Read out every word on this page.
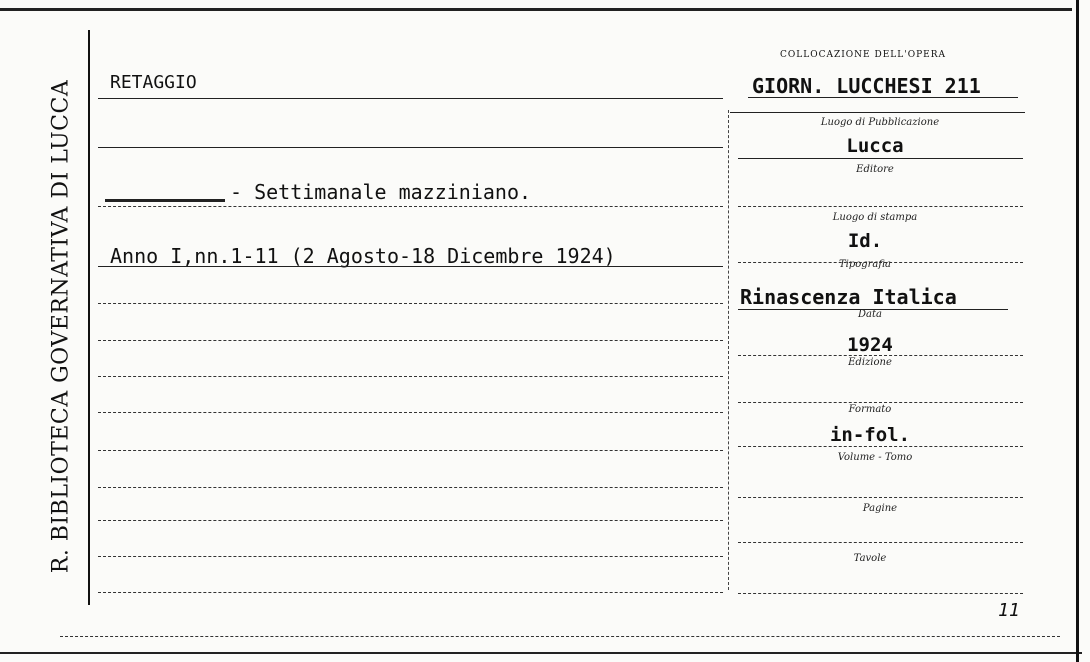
R. BIBLIOTECA GOVERNATIVA DI LUCCA
COLLOCAZIONE DELL'OPERA
GIORN. LUCCHESI 211
RETAGGIO
- Settimanale mazziniano.
Anno I,nn.1-11 (2 Agosto-18 Dicembre 1924)
Luogo di Pubblicazione
Lucca
Editore
Luogo di stampa
Id.
Tipografia
Rinascenza Italica
Data
1924
Edizione
Formato
in-fol.
Volume - Tomo
Pagine
Tavole
11
